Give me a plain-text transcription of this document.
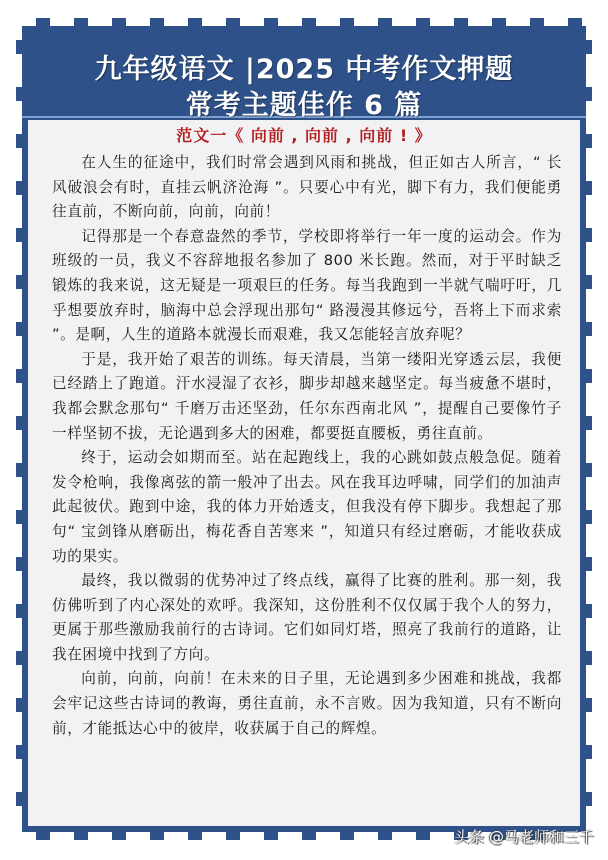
九年级语文 |2025 中考作文押题
常考主题佳作 6 篇
范文一《 向前 , 向前 , 向前 ! 》

在人生的征途中，我们时常会遇到风雨和挑战，但正如古人所言，“ 长风破浪会有时，直挂云帆济沧海 ”。只要心中有光，脚下有力，我们便能勇往直前，不断向前，向前，向前！

记得那是一个春意盎然的季节，学校即将举行一年一度的运动会。作为班级的一员，我义不容辞地报名参加了 800 米长跑。然而，对于平时缺乏锻炼的我来说，这无疑是一项艰巨的任务。每当我跑到一半就气喘吁吁，几乎想要放弃时，脑海中总会浮现出那句“ 路漫漫其修远兮，吾将上下而求索 ”。是啊，人生的道路本就漫长而艰难，我又怎能轻言放弃呢？

于是，我开始了艰苦的训练。每天清晨，当第一缕阳光穿透云层，我便已经踏上了跑道。汗水浸湿了衣衫，脚步却越来越坚定。每当疲惫不堪时，我都会默念那句“ 千磨万击还坚劲，任尔东西南北风 ”，提醒自己要像竹子一样坚韧不拔，无论遇到多大的困难，都要挺直腰板，勇往直前。

终于，运动会如期而至。站在起跑线上，我的心跳如鼓点般急促。随着发令枪响，我像离弦的箭一般冲了出去。风在我耳边呼啸，同学们的加油声此起彼伏。跑到中途，我的体力开始透支，但我没有停下脚步。我想起了那句“ 宝剑锋从磨砺出，梅花香自苦寒来 ”，知道只有经过磨砺，才能收获成功的果实。

最终，我以微弱的优势冲过了终点线，赢得了比赛的胜利。那一刻，我仿佛听到了内心深处的欢呼。我深知，这份胜利不仅仅属于我个人的努力，更属于那些激励我前行的古诗词。它们如同灯塔，照亮了我前行的道路，让我在困境中找到了方向。

向前，向前，向前！在未来的日子里，无论遇到多少困难和挑战，我都会牢记这些古诗词的教诲，勇往直前，永不言败。因为我知道，只有不断向前，才能抵达心中的彼岸，收获属于自己的辉煌。

头条 @马老师和三千
